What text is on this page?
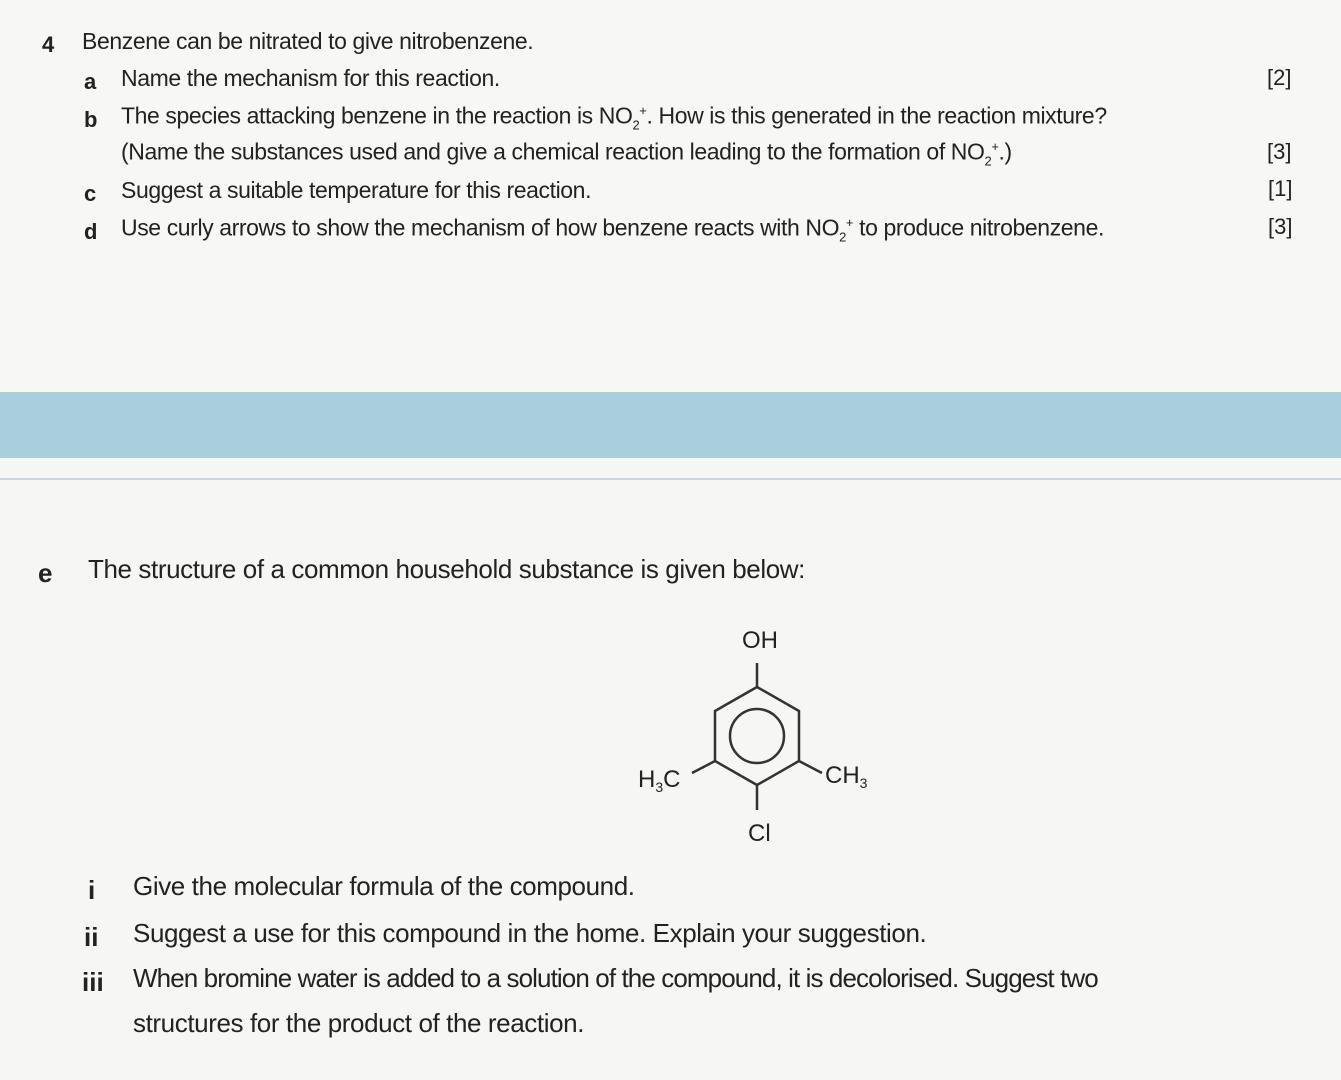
4 Benzene can be nitrated to give nitrobenzene.
a Name the mechanism for this reaction.	[2]
b The species attacking benzene in the reaction is $NO_2^+$. How is this generated in the reaction mixture?
(Name the substances used and give a chemical reaction leading to the formation of $NO_2^+$.)	[3]
c Suggest a suitable temperature for this reaction.	[1]
d Use curly arrows to show the mechanism of how benzene reacts with $NO_2^+$ to produce nitrobenzene.	[3]
e The structure of a common household substance is given below:
OH
$H_3C$	$CH_3$
Cl
i Give the molecular formula of the compound.
ii Suggest a use for this compound in the home. Explain your suggestion.
iii When bromine water is added to a solution of the compound, it is decolorised. Suggest two
structures for the product of the reaction.
